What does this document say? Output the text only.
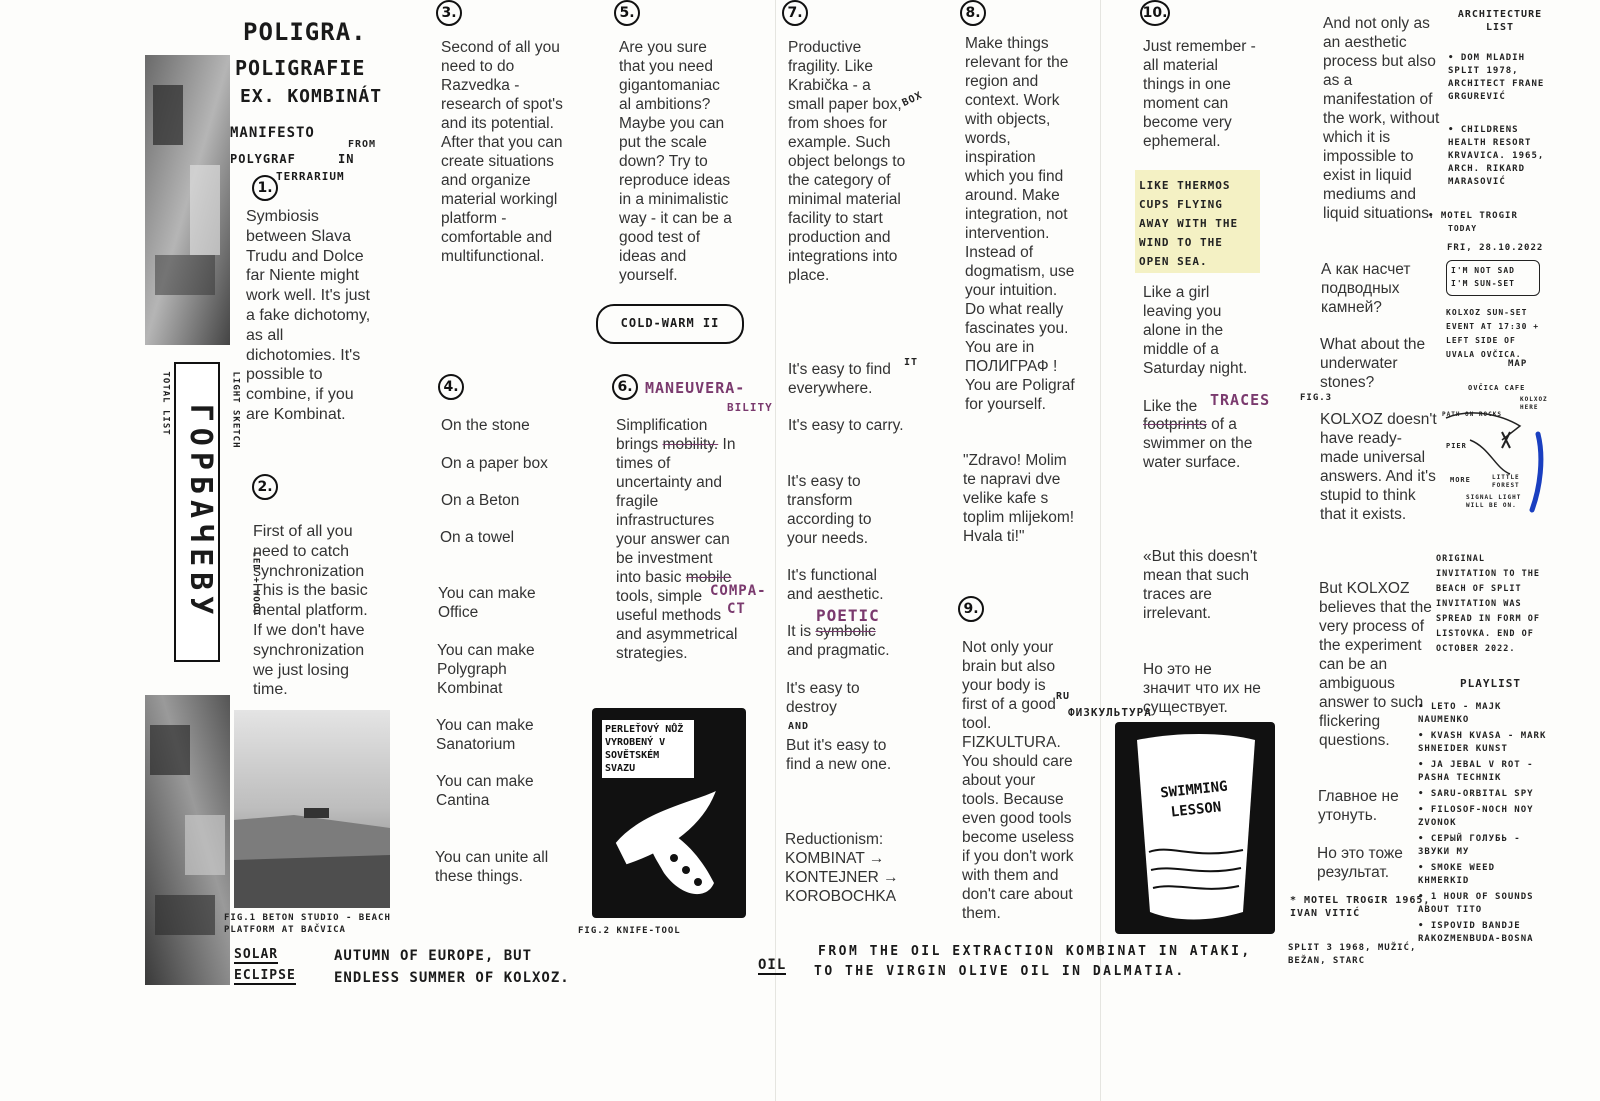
ГОРБАЧЕВУ
TOTAL LIST
LED + WOOD
LIGHT SKETCH
POLIGRA.
POLIGRAFIE
EX. KOMBINÁT
MANIFESTO
FROM
POLYGRAF	IN
TERRARIUM
1.
Symbiosis between Slava Trudu and Dolce far Niente might work well. It's just a fake dichotomy, as all dichotomies. It's possible to combine, if you are Kombinat.
2.
First of all you need to catch synchronization This is the basic mental platform. If we don't have synchronization we just losing time.
FIG.1 BETON STUDIO - BEACH PLATFORM AT BAČVICA
3.
Second of all you need to do Razvedka - research of spot's and its potential. After that you can create situations and organize material workingl platform - comfortable and multifunctional.
4.
On the stone
On a paper box
On a Beton
On a towel
You can make Office
You can make Polygraph Kombinat
You can make Sanatorium
You can make Cantina
You can unite all these things.
5.
Are you sure that you need gigantomaniac al ambitions? Maybe you can put the scale down? Try to reproduce ideas in a minimalistic way - it can be a good test of ideas and yourself.
COLD-WARM II
6. MANEUVERA-
BILITY
Simplification brings mobility. In times of uncertainty and fragile infrastructures your answer can be investment into basic mobile tools, simple useful methods and asymmetrical strategies.
COMPA-
CT
PERLEŤOVÝ NŮŽ VYROBENÝ V SOVĚTSKÉM SVAZU
FIG.2 KNIFE-TOOL
7.
Productive fragility. Like Krabička - a small paper box, from shoes for example. Such object belongs to the category of minimal material facility to start production and integrations into place.
BOX
It's easy to find everywhere.
IT
It's easy to carry.
It's easy to transform according to your needs.
It's functional and aesthetic.
POETIC
It is symbolic and pragmatic.
It's easy to destroy
AND
But it's easy to find a new one.
Reductionism:
KOMBINAT →
KONTEJNER →
KOROBOCHKA
8.
Make things relevant for the region and context. Work with objects, words, inspiration which you find around. Make integration, not intervention. Instead of dogmatism, use your intuition. Do what really fascinates you. You are in ПОЛИГРАФ ! You are Poligraf for yourself.
"Zdravo! Molim te napravi dve velike kafe s toplim mlijekom! Hvala ti!"
9.
Not only your brain but also your body is first of a good tool. FIZKULTURA. You should care about your tools. Because even good tools become useless if you don't work with them and don't care about them.
RU
ФИЗКУЛЬТУРА
10.
Just remember - all material things in one moment can become very ephemeral.
LIKE THERMOS CUPS FLYING AWAY WITH THE WIND TO THE OPEN SEA.
Like a girl leaving you alone in the middle of a Saturday night.
Like the TRACES	FIG.3
footprints of a swimmer on the water surface.
«But this doesn't mean that such traces are irrelevant.
Но это не значит что их не существует.
SWIMMING LESSON
And not only as an aesthetic process but also as a manifestation of the work, without which it is impossible to exist in liquid mediums and liquid situations.
А как насчет подводных камней?
What about the underwater stones?
KOLXOZ doesn't have ready-made universal answers. And it's stupid to think that it exists.
But KOLXOZ believes that the very process of the experiment can be an ambiguous answer to such flickering questions.
Главное не утонуть.
Но это тоже результат.
* MOTEL TROGIR 1965, IVAN VITIĆ
SPLIT 3 1968, MUŽIĆ, BEŽAN, STARC
ARCHITECTURE LIST
• DOM MLADIH SPLIT 1978, ARCHITECT FRANE GRGUREVIĆ
• CHILDRENS HEALTH RESORT KRVAVICA. 1965, ARCH. RIKARD MARASOVIĆ
• MOTEL TROGIR
TODAY
FRI, 28.10.2022
I'M NOT SAD
I'M SUN-SET
KOLXOZ SUN-SET EVENT AT 17:30 + LEFT SIDE OF UVALA OVČICA.
MAP
OVČICA CAFE
KOLXOZ HERE
PATH ON ROCKS
PIER
MORE	LITTLE FOREST
SIGNAL LIGHT WILL BE ON.
ORIGINAL INVITATION TO THE BEACH OF SPLIT INVITATION WAS SPREAD IN FORM OF LISTOVKA. END OF OCTOBER 2022.
PLAYLIST
• LETO - MAJK NAUMENKO
• KVASH KVASA - MARK SHNEIDER KUNST
• JA JEBAL V ROT - PASHA TECHNIK
• SARU-ORBITAL SPY
• FILOSOF-NOCH NOY ZVONOK
• СЕРЫЙ ГОЛУБЬ - ЗВУКИ МУ
• SMOKE WEED KHMERKID
• 1 HOUR OF SOUNDS ABOUT TITO
• ISPOVID BANDJE RAKOZMENBUDA-BOSNA
SOLAR
ECLIPSE
AUTUMN OF EUROPE, BUT
ENDLESS SUMMER OF KOLXOZ.
OIL
FROM THE OIL EXTRACTION KOMBINAT IN ATAKI,
TO THE VIRGIN OLIVE OIL IN DALMATIA.
